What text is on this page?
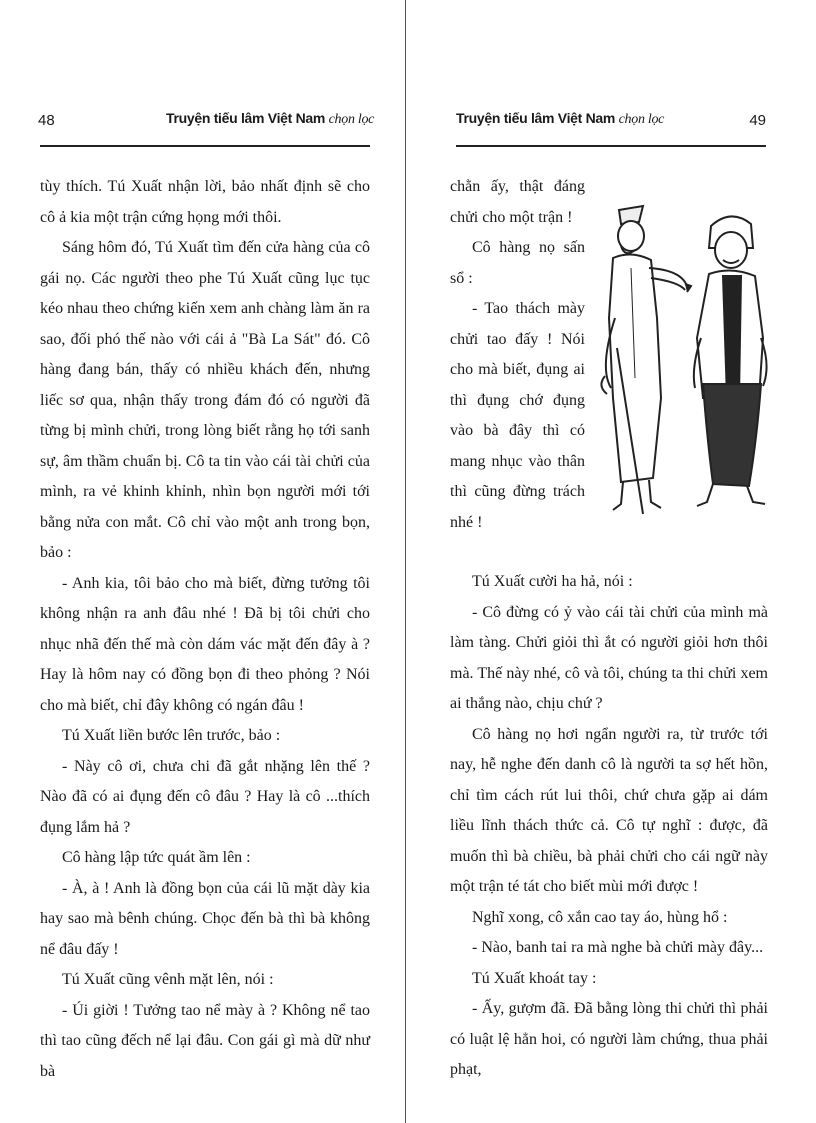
48	Truyện tiếu lâm Việt Nam chọn lọc

tùy thích. Tú Xuất nhận lời, bảo nhất định sẽ cho cô ả kia một trận cứng họng mới thôi.

Sáng hôm đó, Tú Xuất tìm đến cửa hàng của cô gái nọ. Các người theo phe Tú Xuất cũng lục tục kéo nhau theo chứng kiến xem anh chàng làm ăn ra sao, đối phó thế nào với cái ả "Bà La Sát" đó. Cô hàng đang bán, thấy có nhiều khách đến, nhưng liếc sơ qua, nhận thấy trong đám đó có người đã từng bị mình chửi, trong lòng biết rằng họ tới sanh sự, âm thầm chuẩn bị. Cô ta tin vào cái tài chửi của mình, ra vẻ khinh khỉnh, nhìn bọn người mới tới bằng nửa con mắt. Cô chỉ vào một anh trong bọn, bảo :

- Anh kia, tôi bảo cho mà biết, đừng tưởng tôi không nhận ra anh đâu nhé ! Đã bị tôi chửi cho nhục nhã đến thế mà còn dám vác mặt đến đây à ? Hay là hôm nay có đồng bọn đi theo phỏng ? Nói cho mà biết, chỉ đây không có ngán đâu !

Tú Xuất liền bước lên trước, bảo :

- Này cô ơi, chưa chi đã gắt nhặng lên thế ? Nào đã có ai đụng đến cô đâu ? Hay là cô ...thích đụng lắm hả ?

Cô hàng lập tức quát ầm lên :

- À, à ! Anh là đồng bọn của cái lũ mặt dày kia hay sao mà bênh chúng. Chọc đến bà thì bà không nể đâu đấy !

Tú Xuất cũng vênh mặt lên, nói :

- Úi giời ! Tưởng tao nể mày à ? Không nể tao thì tao cũng đếch nể lại đâu. Con gái gì mà dữ như bà

Truyện tiếu lâm Việt Nam chọn lọc	49

chằn ấy, thật đáng chửi cho một trận !

Cô hàng nọ sấn sổ :

- Tao thách mày chửi tao đấy ! Nói cho mà biết, đụng ai thì đụng chớ đụng vào bà đây thì có mang nhục vào thân thì cũng đừng trách nhé !

Tú Xuất cười ha hả, nói :

- Cô đừng có ỷ vào cái tài chửi của mình mà làm tàng. Chửi giỏi thì ắt có người giỏi hơn thôi mà. Thế này nhé, cô và tôi, chúng ta thi chửi xem ai thắng nào, chịu chứ ?

Cô hàng nọ hơi ngẩn người ra, từ trước tới nay, hễ nghe đến danh cô là người ta sợ hết hồn, chỉ tìm cách rút lui thôi, chứ chưa gặp ai dám liều lĩnh thách thức cả. Cô tự nghĩ : được, đã muốn thì bà chiều, bà phải chửi cho cái ngữ này một trận té tát cho biết mùi mới được !

Nghĩ xong, cô xắn cao tay áo, hùng hổ :

- Nào, banh tai ra mà nghe bà chửi mày đây...

Tú Xuất khoát tay :

- Ấy, gượm đã. Đã bằng lòng thi chửi thì phải có luật lệ hẳn hoi, có người làm chứng, thua phải phạt,
